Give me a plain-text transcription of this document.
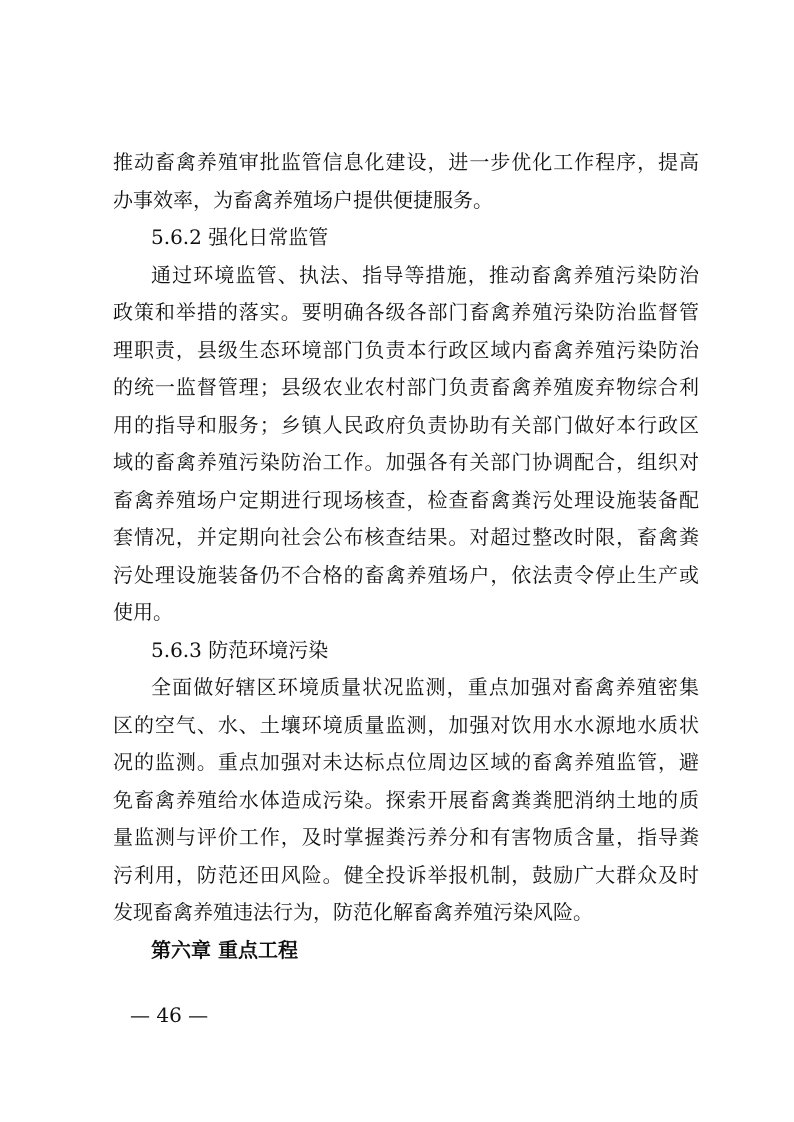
推动畜禽养殖审批监管信息化建设，进一步优化工作程序，提高
办事效率，为畜禽养殖场户提供便捷服务。
5.6.2 强化日常监管
通过环境监管、执法、指导等措施，推动畜禽养殖污染防治
政策和举措的落实。要明确各级各部门畜禽养殖污染防治监督管
理职责，县级生态环境部门负责本行政区域内畜禽养殖污染防治
的统一监督管理；县级农业农村部门负责畜禽养殖废弃物综合利
用的指导和服务；乡镇人民政府负责协助有关部门做好本行政区
域的畜禽养殖污染防治工作。加强各有关部门协调配合，组织对
畜禽养殖场户定期进行现场核查，检查畜禽粪污处理设施装备配
套情况，并定期向社会公布核查结果。对超过整改时限，畜禽粪
污处理设施装备仍不合格的畜禽养殖场户，依法责令停止生产或
使用。
5.6.3 防范环境污染
全面做好辖区环境质量状况监测，重点加强对畜禽养殖密集
区的空气、水、土壤环境质量监测，加强对饮用水水源地水质状
况的监测。重点加强对未达标点位周边区域的畜禽养殖监管，避
免畜禽养殖给水体造成污染。探索开展畜禽粪粪肥消纳土地的质
量监测与评价工作，及时掌握粪污养分和有害物质含量，指导粪
污利用，防范还田风险。健全投诉举报机制，鼓励广大群众及时
发现畜禽养殖违法行为，防范化解畜禽养殖污染风险。
第六章 重点工程
— 46 —
